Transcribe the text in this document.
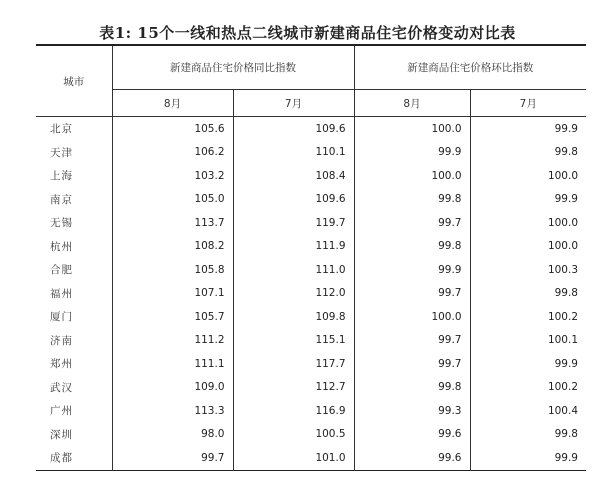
表1: 15个一线和热点二线城市新建商品住宅价格变动对比表
城市	新建商品住宅价格同比指数		新建商品住宅价格环比指数	
	8月	7月	8月	7月
北京	105.6	109.6	100.0	99.9
天津	106.2	110.1	99.9	99.8
上海	103.2	108.4	100.0	100.0
南京	105.0	109.6	99.8	99.9
无锡	113.7	119.7	99.7	100.0
杭州	108.2	111.9	99.8	100.0
合肥	105.8	111.0	99.9	100.3
福州	107.1	112.0	99.7	99.8
厦门	105.7	109.8	100.0	100.2
济南	111.2	115.1	99.7	100.1
郑州	111.1	117.7	99.7	99.9
武汉	109.0	112.7	99.8	100.2
广州	113.3	116.9	99.3	100.4
深圳	98.0	100.5	99.6	99.8
成都	99.7	101.0	99.6	99.9
